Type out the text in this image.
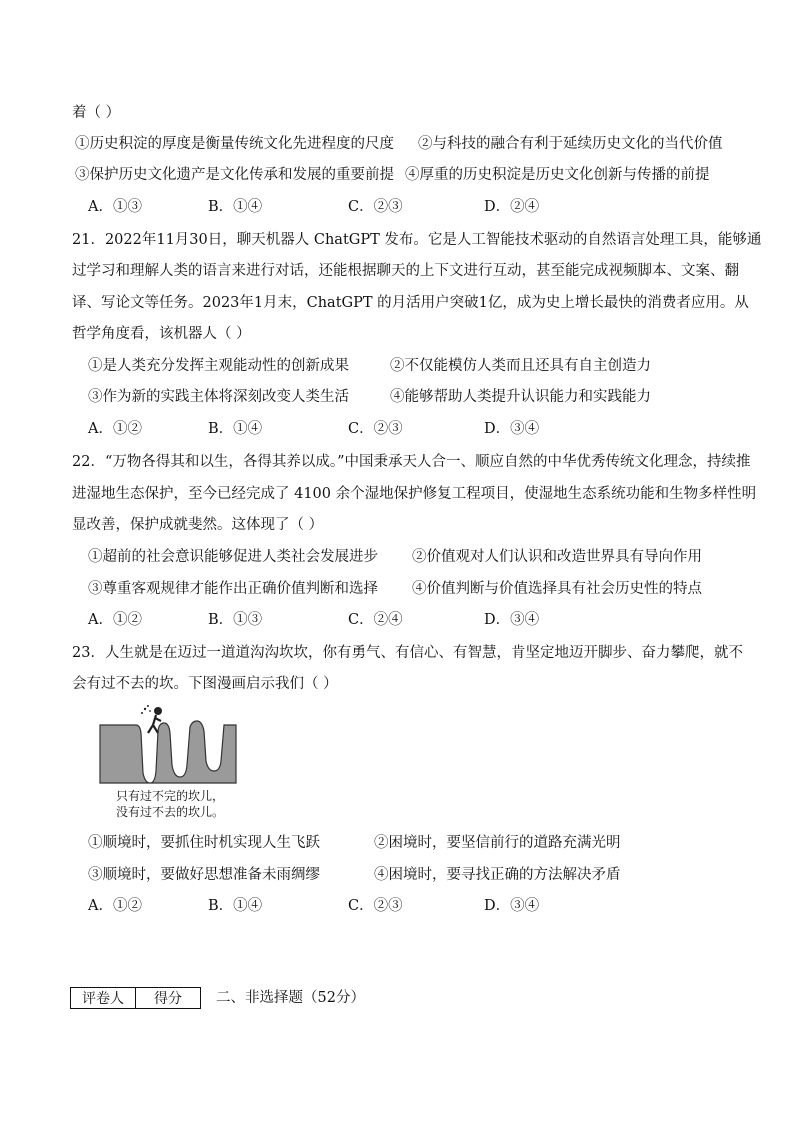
着（ ）
①历史积淀的厚度是衡量传统文化先进程度的尺度 ②与科技的融合有利于延续历史文化的当代价值
③保护历史文化遗产是文化传承和发展的重要前提 ④厚重的历史积淀是历史文化创新与传播的前提
A．①③	B．①④	C．②③	D．②④
21．2022年11月30日，聊天机器人 ChatGPT 发布。它是人工智能技术驱动的自然语言处理工具，能够通
过学习和理解人类的语言来进行对话，还能根据聊天的上下文进行互动，甚至能完成视频脚本、文案、翻
译、写论文等任务。2023年1月末，ChatGPT 的月活用户突破1亿，成为史上增长最快的消费者应用。从
哲学角度看，该机器人（ ）
①是人类充分发挥主观能动性的创新成果	②不仅能模仿人类而且还具有自主创造力
③作为新的实践主体将深刻改变人类生活	④能够帮助人类提升认识能力和实践能力
A．①②	B．①④	C．②③	D．③④
22．“万物各得其和以生，各得其养以成。”中国秉承天人合一、顺应自然的中华优秀传统文化理念，持续推
进湿地生态保护，至今已经完成了 4100 余个湿地保护修复工程项目，使湿地生态系统功能和生物多样性明
显改善，保护成就斐然。这体现了（ ）
①超前的社会意识能够促进人类社会发展进步 ②价值观对人们认识和改造世界具有导向作用
③尊重客观规律才能作出正确价值判断和选择 ④价值判断与价值选择具有社会历史性的特点
A．①②	B．①③	C．②④	D．③④
23．人生就是在迈过一道道沟沟坎坎，你有勇气、有信心、有智慧，肯坚定地迈开脚步、奋力攀爬，就不
会有过不去的坎。下图漫画启示我们（ ）
只有过不完的坎儿，
没有过不去的坎儿。
①顺境时，要抓住时机实现人生飞跃	②困境时，要坚信前行的道路充满光明
③顺境时，要做好思想准备未雨绸缪	④困境时，要寻找正确的方法解决矛盾
A．①②	B．①④	C．②③	D．③④
评卷人	得分 二、非选择题（52分）
